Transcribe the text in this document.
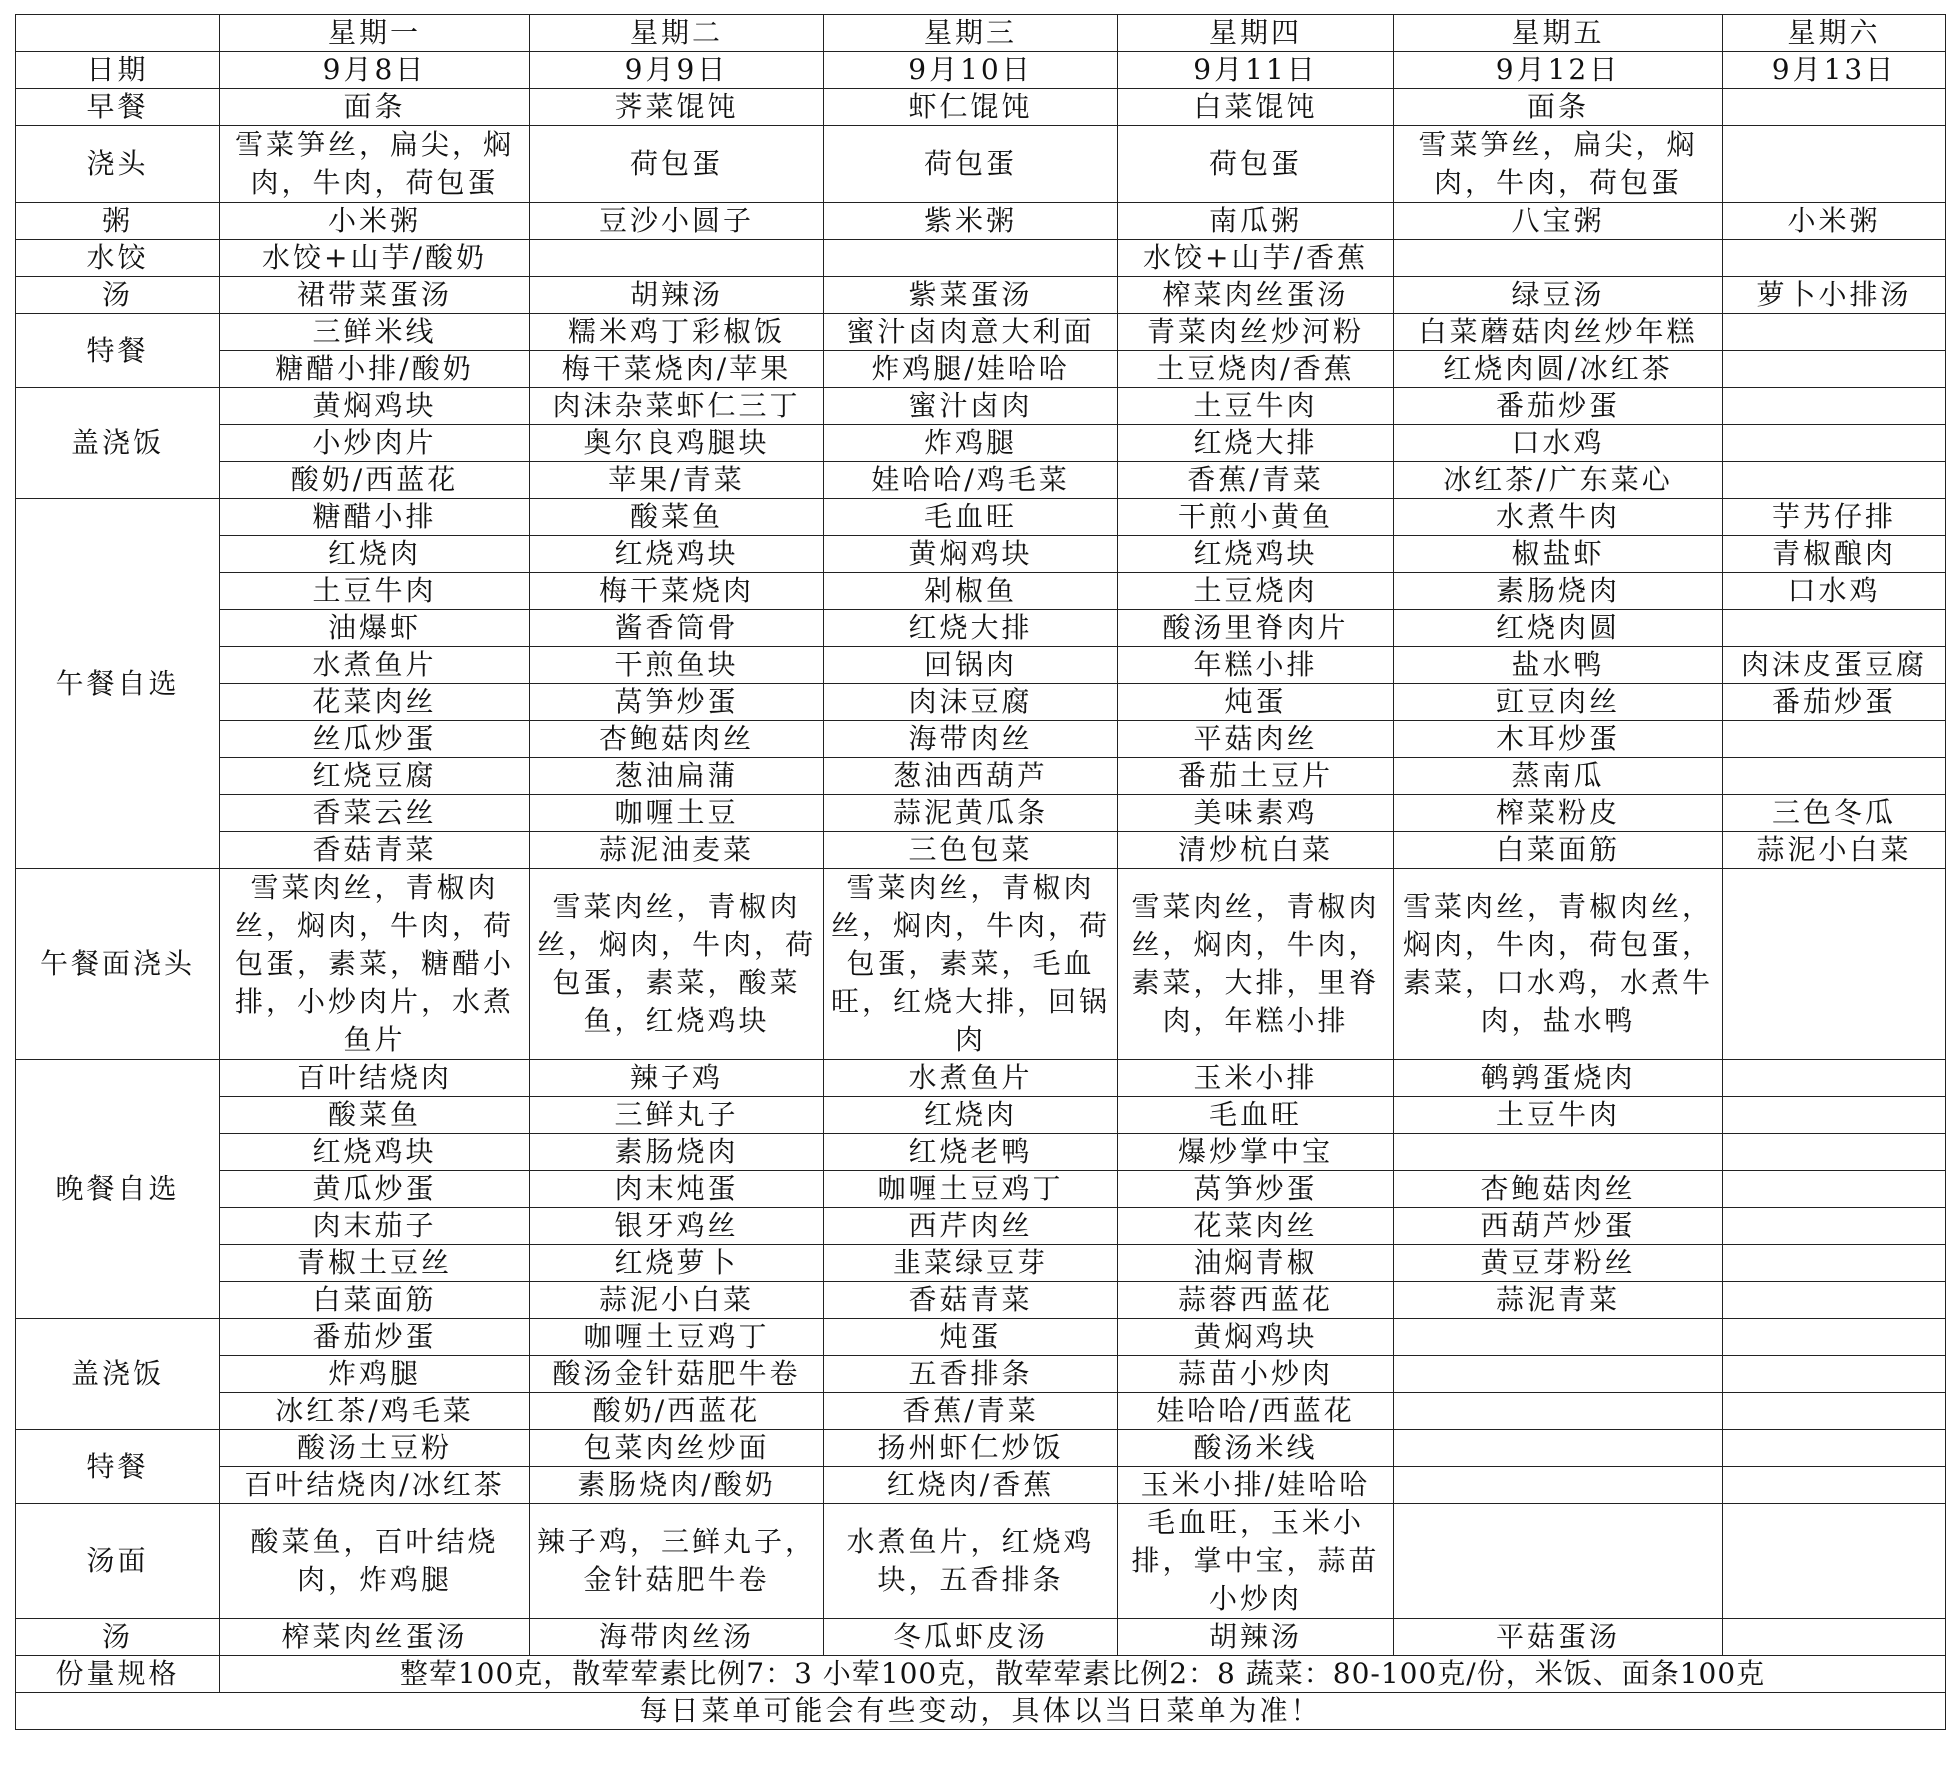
	星期一	星期二	星期三	星期四	星期五	星期六
日期	9月8日	9月9日	9月10日	9月11日	9月12日	9月13日
早餐	面条	荠菜馄饨	虾仁馄饨	白菜馄饨	面条	
浇头	雪菜笋丝，扁尖，焖肉，牛肉，荷包蛋	荷包蛋	荷包蛋	荷包蛋	雪菜笋丝，扁尖，焖肉，牛肉，荷包蛋	
粥	小米粥	豆沙小圆子	紫米粥	南瓜粥	八宝粥	小米粥
水饺	水饺+山芋/酸奶			水饺+山芋/香蕉		
汤	裙带菜蛋汤	胡辣汤	紫菜蛋汤	榨菜肉丝蛋汤	绿豆汤	萝卜小排汤
特餐	三鲜米线	糯米鸡丁彩椒饭	蜜汁卤肉意大利面	青菜肉丝炒河粉	白菜蘑菇肉丝炒年糕	
	糖醋小排/酸奶	梅干菜烧肉/苹果	炸鸡腿/娃哈哈	土豆烧肉/香蕉	红烧肉圆/冰红茶	
盖浇饭	黄焖鸡块	肉沫杂菜虾仁三丁	蜜汁卤肉	土豆牛肉	番茄炒蛋	
	小炒肉片	奥尔良鸡腿块	炸鸡腿	红烧大排	口水鸡	
	酸奶/西蓝花	苹果/青菜	娃哈哈/鸡毛菜	香蕉/青菜	冰红茶/广东菜心	
午餐自选	糖醋小排	酸菜鱼	毛血旺	干煎小黄鱼	水煮牛肉	芋艿仔排
	红烧肉	红烧鸡块	黄焖鸡块	红烧鸡块	椒盐虾	青椒酿肉
	土豆牛肉	梅干菜烧肉	剁椒鱼	土豆烧肉	素肠烧肉	口水鸡
	油爆虾	酱香筒骨	红烧大排	酸汤里脊肉片	红烧肉圆	
	水煮鱼片	干煎鱼块	回锅肉	年糕小排	盐水鸭	肉沫皮蛋豆腐
	花菜肉丝	莴笋炒蛋	肉沫豆腐	炖蛋	豇豆肉丝	番茄炒蛋
	丝瓜炒蛋	杏鲍菇肉丝	海带肉丝	平菇肉丝	木耳炒蛋	
	红烧豆腐	葱油扁蒲	葱油西葫芦	番茄土豆片	蒸南瓜	
	香菜云丝	咖喱土豆	蒜泥黄瓜条	美味素鸡	榨菜粉皮	三色冬瓜
	香菇青菜	蒜泥油麦菜	三色包菜	清炒杭白菜	白菜面筋	蒜泥小白菜
午餐面浇头	雪菜肉丝，青椒肉丝，焖肉，牛肉，荷包蛋，素菜，糖醋小排，小炒肉片，水煮鱼片	雪菜肉丝，青椒肉丝，焖肉，牛肉，荷包蛋，素菜，酸菜鱼，红烧鸡块	雪菜肉丝，青椒肉丝，焖肉，牛肉，荷包蛋，素菜，毛血旺，红烧大排，回锅肉	雪菜肉丝，青椒肉丝，焖肉，牛肉，素菜，大排，里脊肉，年糕小排	雪菜肉丝，青椒肉丝，焖肉，牛肉，荷包蛋，素菜，口水鸡，水煮牛肉，盐水鸭	
晚餐自选	百叶结烧肉	辣子鸡	水煮鱼片	玉米小排	鹌鹑蛋烧肉	
	酸菜鱼	三鲜丸子	红烧肉	毛血旺	土豆牛肉	
	红烧鸡块	素肠烧肉	红烧老鸭	爆炒掌中宝		
	黄瓜炒蛋	肉末炖蛋	咖喱土豆鸡丁	莴笋炒蛋	杏鲍菇肉丝	
	肉末茄子	银牙鸡丝	西芹肉丝	花菜肉丝	西葫芦炒蛋	
	青椒土豆丝	红烧萝卜	韭菜绿豆芽	油焖青椒	黄豆芽粉丝	
	白菜面筋	蒜泥小白菜	香菇青菜	蒜蓉西蓝花	蒜泥青菜	
盖浇饭	番茄炒蛋	咖喱土豆鸡丁	炖蛋	黄焖鸡块		
	炸鸡腿	酸汤金针菇肥牛卷	五香排条	蒜苗小炒肉		
	冰红茶/鸡毛菜	酸奶/西蓝花	香蕉/青菜	娃哈哈/西蓝花		
特餐	酸汤土豆粉	包菜肉丝炒面	扬州虾仁炒饭	酸汤米线		
	百叶结烧肉/冰红茶	素肠烧肉/酸奶	红烧肉/香蕉	玉米小排/娃哈哈		
汤面	酸菜鱼，百叶结烧肉，炸鸡腿	辣子鸡，三鲜丸子，金针菇肥牛卷	水煮鱼片，红烧鸡块，五香排条	毛血旺，玉米小排，掌中宝，蒜苗小炒肉		
汤	榨菜肉丝蛋汤	海带肉丝汤	冬瓜虾皮汤	胡辣汤	平菇蛋汤	
份量规格	整荤100克，散荤荤素比例7：3 小荤100克，散荤荤素比例2：8 蔬菜：80-100克/份，米饭、面条100克					
每日菜单可能会有些变动，具体以当日菜单为准！						
